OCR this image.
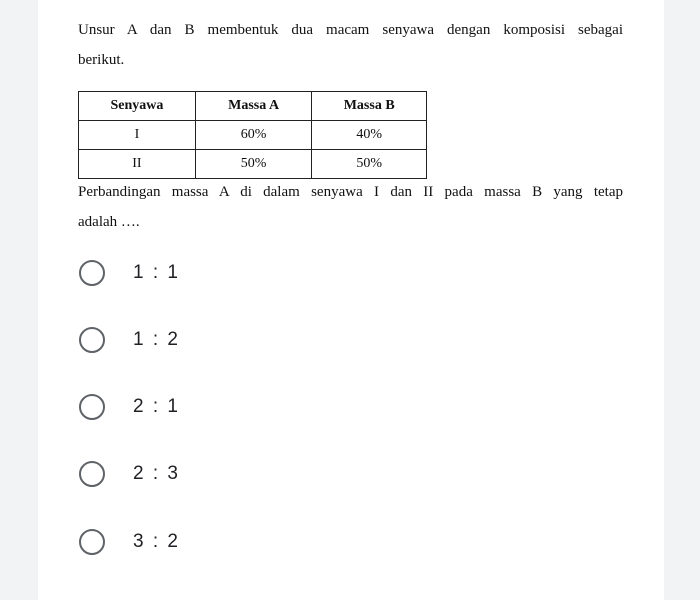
Unsur A dan B membentuk dua macam senyawa dengan komposisi sebagai
berikut.
Senyawa	Massa A	Massa B
I	60%	40%
II	50%	50%
Perbandingan massa A di dalam senyawa I dan II pada massa B yang tetap
adalah ….
1 : 1
1 : 2
2 : 1
2 : 3
3 : 2
